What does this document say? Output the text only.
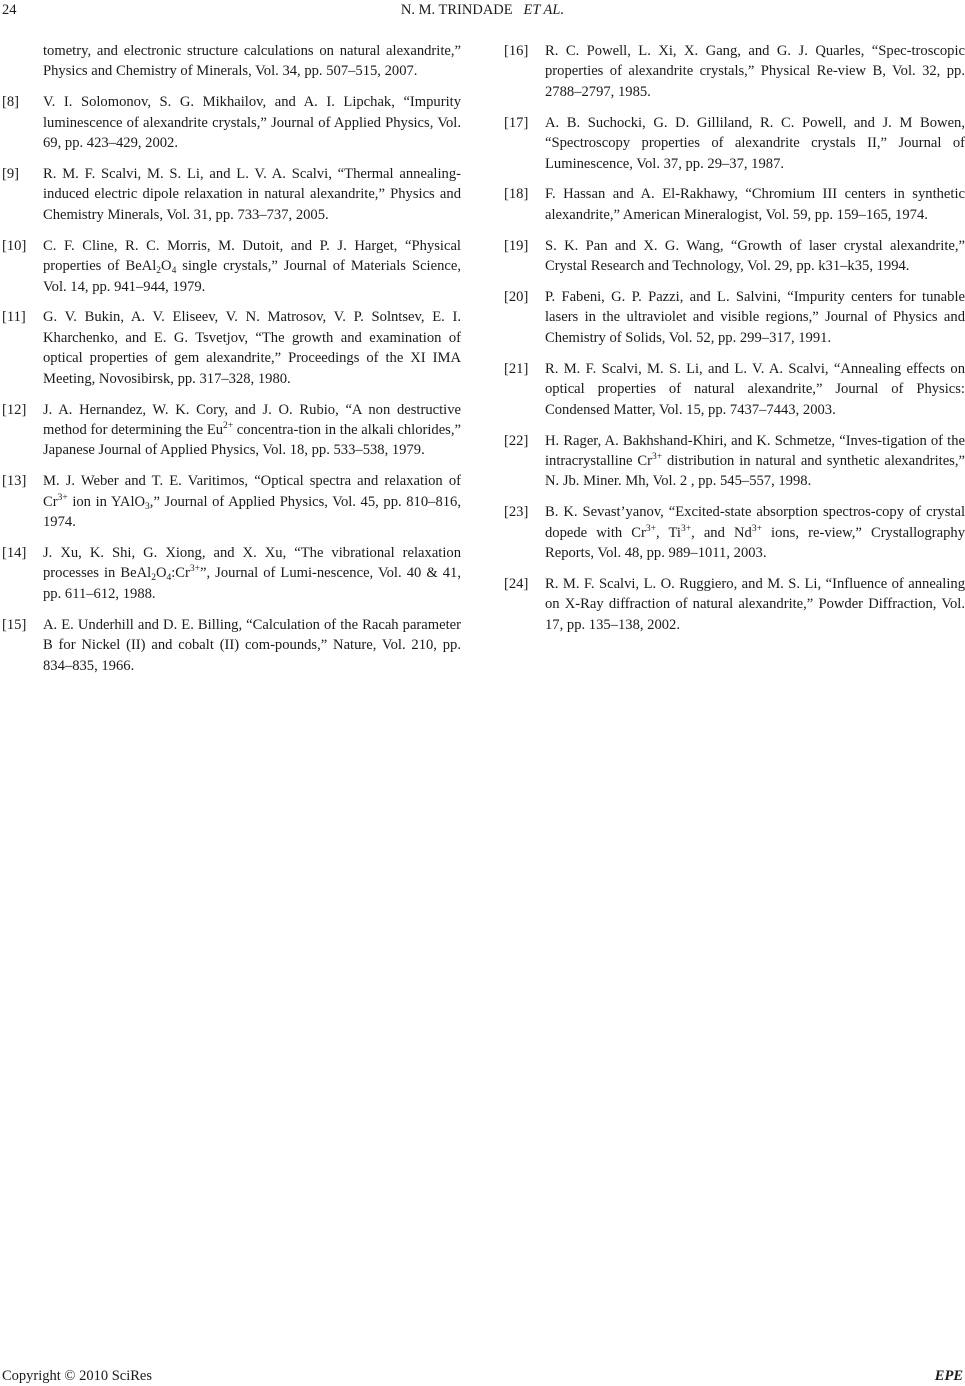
24	N. M. TRINDADE ET AL.
tometry, and electronic structure calculations on natural alexandrite,” Physics and Chemistry of Minerals, Vol. 34, pp. 507–515, 2007.
[8] V. I. Solomonov, S. G. Mikhailov, and A. I. Lipchak, “Impurity luminescence of alexandrite crystals,” Journal of Applied Physics, Vol. 69, pp. 423–429, 2002.
[9] R. M. F. Scalvi, M. S. Li, and L. V. A. Scalvi, “Thermal annealing-induced electric dipole relaxation in natural alexandrite,” Physics and Chemistry Minerals, Vol. 31, pp. 733–737, 2005.
[10] C. F. Cline, R. C. Morris, M. Dutoit, and P. J. Harget, “Physical properties of $BeAl_2O_4$ single crystals,” Journal of Materials Science, Vol. 14, pp. 941–944, 1979.
[11] G. V. Bukin, A. V. Eliseev, V. N. Matrosov, V. P. Solntsev, E. I. Kharchenko, and E. G. Tsvetjov, “The growth and examination of optical properties of gem alexandrite,” Proceedings of the XI IMA Meeting, Novosibirsk, pp. 317–328, 1980.
[12] J. A. Hernandez, W. K. Cory, and J. O. Rubio, “A non destructive method for determining the $Eu^{2+}$ concentra-tion in the alkali chlorides,” Japanese Journal of Applied Physics, Vol. 18, pp. 533–538, 1979.
[13] M. J. Weber and T. E. Varitimos, “Optical spectra and relaxation of $Cr^{3+}$ ion in YAlO$_3$,” Journal of Applied Physics, Vol. 45, pp. 810–816, 1974.
[14] J. Xu, K. Shi, G. Xiong, and X. Xu, “The vibrational relaxation processes in $BeAl_2O_4:Cr^{3+}$”, Journal of Lumi-nescence, Vol. 40 & 41, pp. 611–612, 1988.
[15] A. E. Underhill and D. E. Billing, “Calculation of the Racah parameter B for Nickel (II) and cobalt (II) com-pounds,” Nature, Vol. 210, pp. 834–835, 1966.
[16] R. C. Powell, L. Xi, X. Gang, and G. J. Quarles, “Spec-troscopic properties of alexandrite crystals,” Physical Re-view B, Vol. 32, pp. 2788–2797, 1985.
[17] A. B. Suchocki, G. D. Gilliland, R. C. Powell, and J. M Bowen, “Spectroscopy properties of alexandrite crystals II,” Journal of Luminescence, Vol. 37, pp. 29–37, 1987.
[18] F. Hassan and A. El-Rakhawy, “Chromium III centers in synthetic alexandrite,” American Mineralogist, Vol. 59, pp. 159–165, 1974.
[19] S. K. Pan and X. G. Wang, “Growth of laser crystal alexandrite,” Crystal Research and Technology, Vol. 29, pp. k31–k35, 1994.
[20] P. Fabeni, G. P. Pazzi, and L. Salvini, “Impurity centers for tunable lasers in the ultraviolet and visible regions,” Journal of Physics and Chemistry of Solids, Vol. 52, pp. 299–317, 1991.
[21] R. M. F. Scalvi, M. S. Li, and L. V. A. Scalvi, “Annealing effects on optical properties of natural alexandrite,” Journal of Physics: Condensed Matter, Vol. 15, pp. 7437–7443, 2003.
[22] H. Rager, A. Bakhshand-Khiri, and K. Schmetze, “Inves-tigation of the intracrystalline $Cr^{3+}$ distribution in natural and synthetic alexandrites,” N. Jb. Miner. Mh, Vol. 2 , pp. 545–557, 1998.
[23] B. K. Sevast’yanov, “Excited-state absorption spectros-copy of crystal dopede with $Cr^{3+}$, $Ti^{3+}$, and $Nd^{3+}$ ions, re-view,” Crystallography Reports, Vol. 48, pp. 989–1011, 2003.
[24] R. M. F. Scalvi, L. O. Ruggiero, and M. S. Li, “Influence of annealing on X-Ray diffraction of natural alexandrite,” Powder Diffraction, Vol. 17, pp. 135–138, 2002.
Copyright © 2010 SciRes	EPE
